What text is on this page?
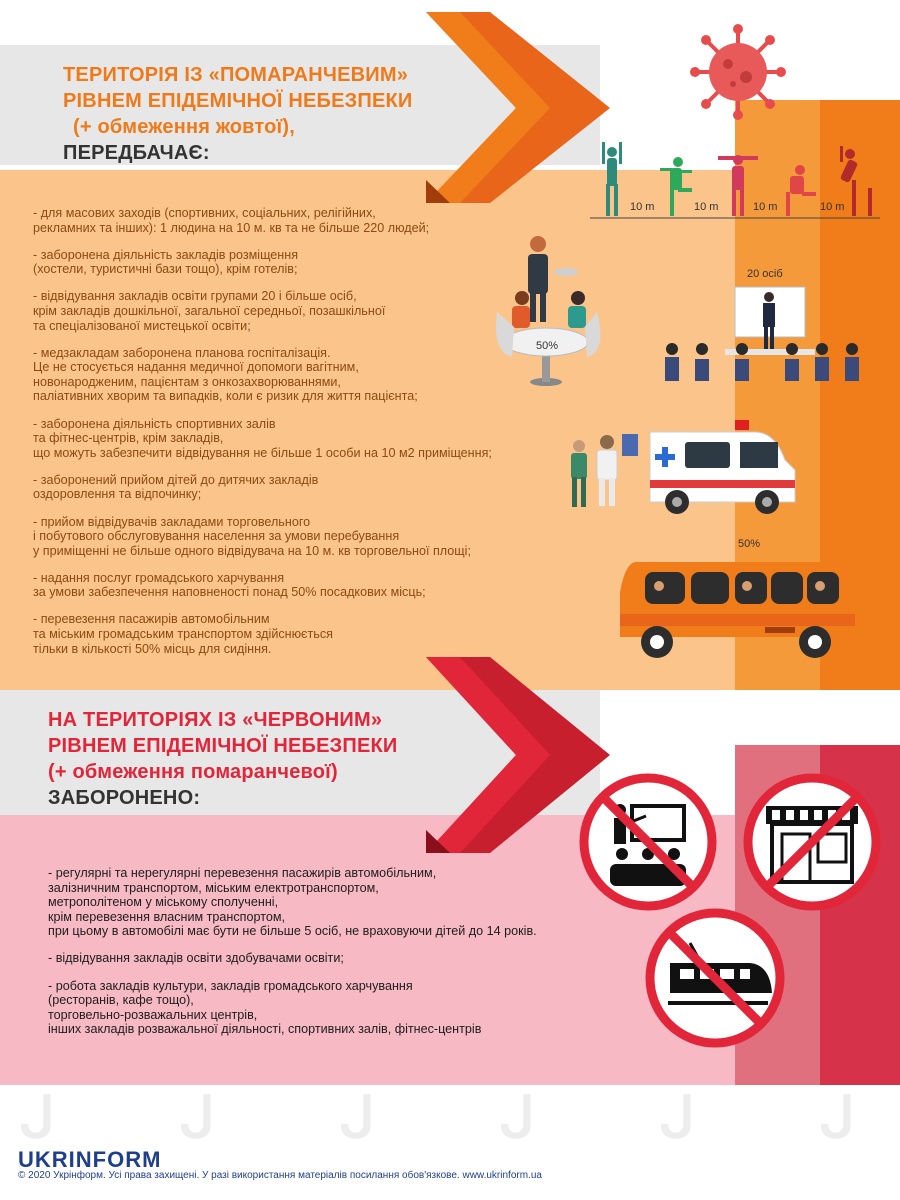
ᒍ ᒍ ᒍ ᒍ ᒍ ᒍ
ТЕРИТОРІЯ ІЗ «ПОМАРАНЧЕВИМ»
РІВНЕМ ЕПІДЕМІЧНОЇ НЕБЕЗПЕКИ
(+ обмеження жовтої),
ПЕРЕДБАЧАЄ:
10 m	10 m	10 m	10 m

- для масових заходів (спортивних, соціальних, релігійних,
рекламних та інших): 1 людина на 10 м. кв та не більше 220 людей;

- заборонена діяльність закладів розміщення
(хостели, туристичні бази тощо), крім готелів;

- відвідування закладів освіти групами 20 і більше осіб,
крім закладів дошкільної, загальної середньої, позашкільної
та спеціалізованої мистецької освіти;

- медзакладам заборонена планова госпіталізація.
Це не стосується надання медичної допомоги вагітним,
новонародженим, пацієнтам з онкозахворюваннями,
паліативних хворим та випадків, коли є ризик для життя пацієнта;

- заборонена діяльність спортивних залів
та фітнес-центрів, крім закладів,
що можуть забезпечити відвідування не більше 1 особи на 10 м2 приміщення;

- заборонений прийом дітей до дитячих закладів
оздоровлення та відпочинку;

- прийом відвідувачів закладами торговельного
і побутового обслуговування населення за умови перебування
у приміщенні не більше одного відвідувача на 10 м. кв торговельної площі;

- надання послуг громадського харчування
за умови забезпечення наповненості понад 50% посадкових місць;

- перевезення пасажирів автомобільним
та міським громадським транспортом здійснюється
тільки в кількості 50% місць для сидіння.

50%
20 осіб
50%
НА ТЕРИТОРІЯХ ІЗ «ЧЕРВОНИМ»
РІВНЕМ ЕПІДЕМІЧНОЇ НЕБЕЗПЕКИ
(+ обмеження помаранчевої)
ЗАБОРОНЕНО:

- регулярні та нерегулярні перевезення пасажирів автомобільним,
залізничним транспортом, міським електротранспортом,
метрополітеном у міському сполученні,
крім перевезення власним транспортом,
при цьому в автомобілі має бути не більше 5 осіб, не враховуючи дітей до 14 років.

- відвідування закладів освіти здобувачами освіти;

- робота закладів культури, закладів громадського харчування
(ресторанів, кафе тощо),
торговельно-розважальних центрів,
інших закладів розважальної діяльності, спортивних залів, фітнес-центрів

UKRINFORM
© 2020 Укрінформ. Усі права захищені. У разі використання матеріалів посилання обов'язкове. www.ukrinform.ua
